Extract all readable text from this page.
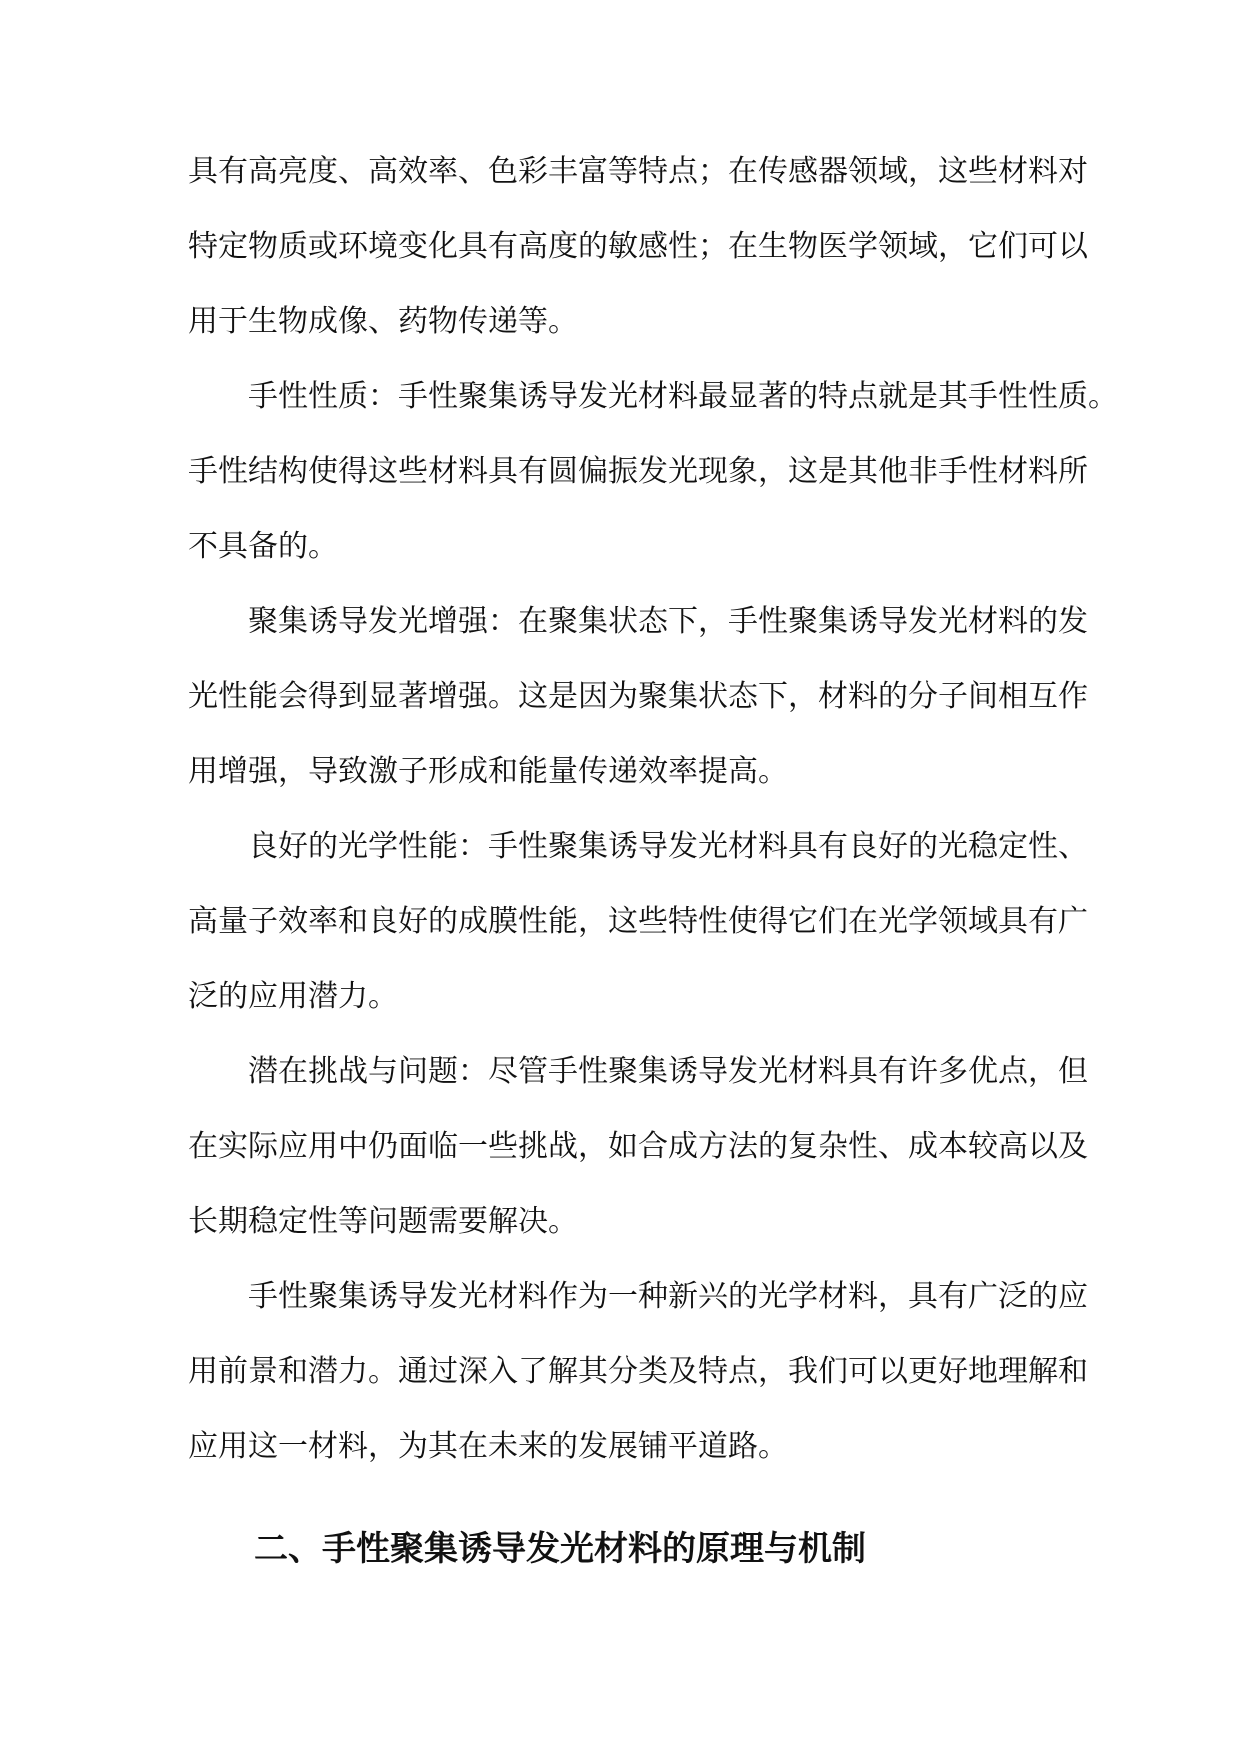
具有高亮度、高效率、色彩丰富等特点；在传感器领域，这些材料对
特定物质或环境变化具有高度的敏感性；在生物医学领域，它们可以
用于生物成像、药物传递等。

手性性质：手性聚集诱导发光材料最显著的特点就是其手性性质。
手性结构使得这些材料具有圆偏振发光现象，这是其他非手性材料所
不具备的。

聚集诱导发光增强：在聚集状态下，手性聚集诱导发光材料的发
光性能会得到显著增强。这是因为聚集状态下，材料的分子间相互作
用增强，导致激子形成和能量传递效率提高。

良好的光学性能：手性聚集诱导发光材料具有良好的光稳定性、
高量子效率和良好的成膜性能，这些特性使得它们在光学领域具有广
泛的应用潜力。

潜在挑战与问题：尽管手性聚集诱导发光材料具有许多优点，但
在实际应用中仍面临一些挑战，如合成方法的复杂性、成本较高以及
长期稳定性等问题需要解决。

手性聚集诱导发光材料作为一种新兴的光学材料，具有广泛的应
用前景和潜力。通过深入了解其分类及特点，我们可以更好地理解和
应用这一材料，为其在未来的发展铺平道路。

二、手性聚集诱导发光材料的原理与机制
